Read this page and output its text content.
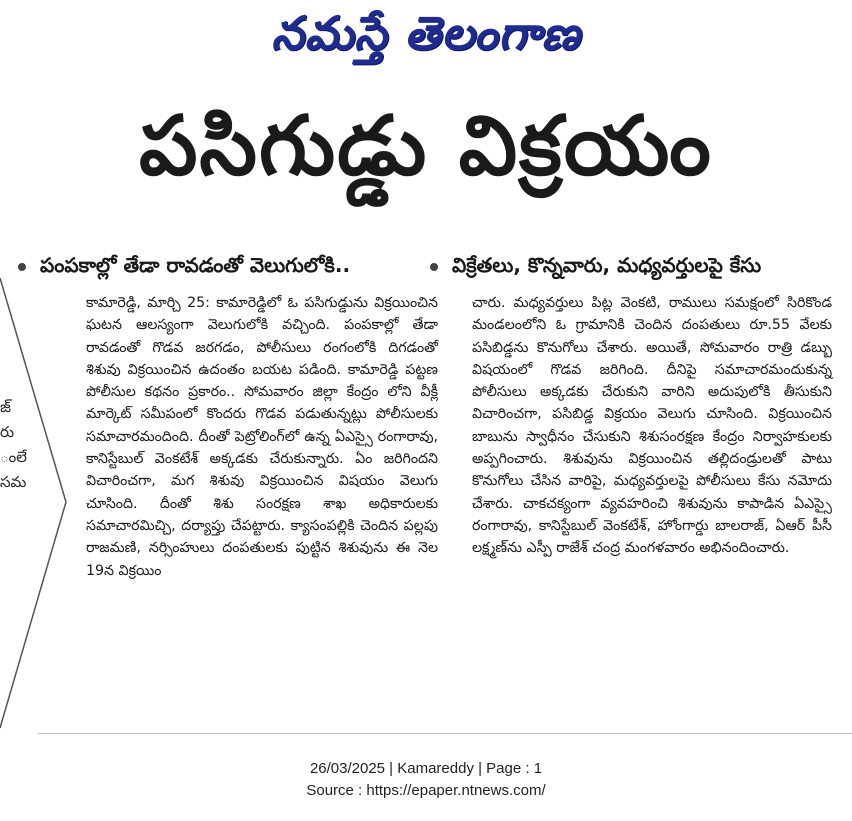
నమస్తే తెలంగాణ
పసిగుడ్డు విక్రయం
పంపకాల్లో తేడా రావడంతో వెలుగులోకి..	విక్రేతలు, కొన్నవారు, మధ్యవర్తులపై కేసు
జ్
రు
ంలే
సమ

కామారెడ్డి, మార్చి 25: కామారెడ్డిలో ఓ పసిగుడ్డును విక్రయించిన ఘటన ఆలస్యంగా వెలుగులోకి వచ్చింది. పంపకాల్లో తేడా రావడంతో గొడవ జరగడం, పోలీసులు రంగంలోకి దిగడంతో శిశువు విక్రయించిన ఉదంతం బయట పడింది. కామారెడ్డి పట్టణ పోలీసుల కథనం ప్రకారం.. సోమవారం జిల్లా కేంద్రం లోని వీక్లీ మార్కెట్ సమీపంలో కొందరు గొడవ పడుతున్నట్లు పోలీసులకు సమాచారమందింది. దీంతో పెట్రోలింగ్‌లో ఉన్న ఏఎస్సై రంగారావు, కానిస్టేబుల్ వెంకటేశ్ అక్కడకు చేరుకున్నారు. ఏం జరిగిందని విచారించగా, మగ శిశువు విక్రయించిన విషయం వెలుగు చూసింది. దీంతో శిశు సంరక్షణ శాఖ అధికారులకు సమాచారమిచ్చి, దర్యాప్తు చేపట్టారు. క్యాసంపల్లికి చెందిన పల్లపు రాజమణి, నర్సింహులు దంపతులకు పుట్టిన శిశువును ఈ నెల 19న విక్రయిం

చారు. మధ్యవర్తులు పిట్ల వెంకటి, రాములు సమక్షంలో సిరికొండ మండలంలోని ఓ గ్రామానికి చెందిన దంపతులు రూ.55 వేలకు పసిబిడ్డను కొనుగోలు చేశారు. అయితే, సోమవారం రాత్రి డబ్బు విషయంలో గొడవ జరిగింది. దీనిపై సమాచారమందుకున్న పోలీసులు అక్కడకు చేరుకుని వారిని అదుపులోకి తీసుకుని విచారించగా, పసిబిడ్డ విక్రయం వెలుగు చూసింది. విక్రయించిన బాబును స్వాధీనం చేసుకుని శిశుసంరక్షణ కేంద్రం నిర్వాహకులకు అప్పగించారు. శిశువును విక్రయించిన తల్లిదండ్రులతో పాటు కొనుగోలు చేసిన వారిపై, మధ్యవర్తులపై పోలీసులు కేసు నమోదు చేశారు. చాకచక్యంగా వ్యవహరించి శిశువును కాపాడిన ఏఎస్సై రంగారావు, కానిస్టేబుల్ వెంకటేశ్, హోంగార్డు బాలరాజ్, ఏఆర్ పీసీ లక్ష్మణ్‌ను ఎస్పీ రాజేశ్ చంద్ర మంగళవారం అభినందించారు.

26/03/2025 | Kamareddy | Page : 1
Source : https://epaper.ntnews.com/
